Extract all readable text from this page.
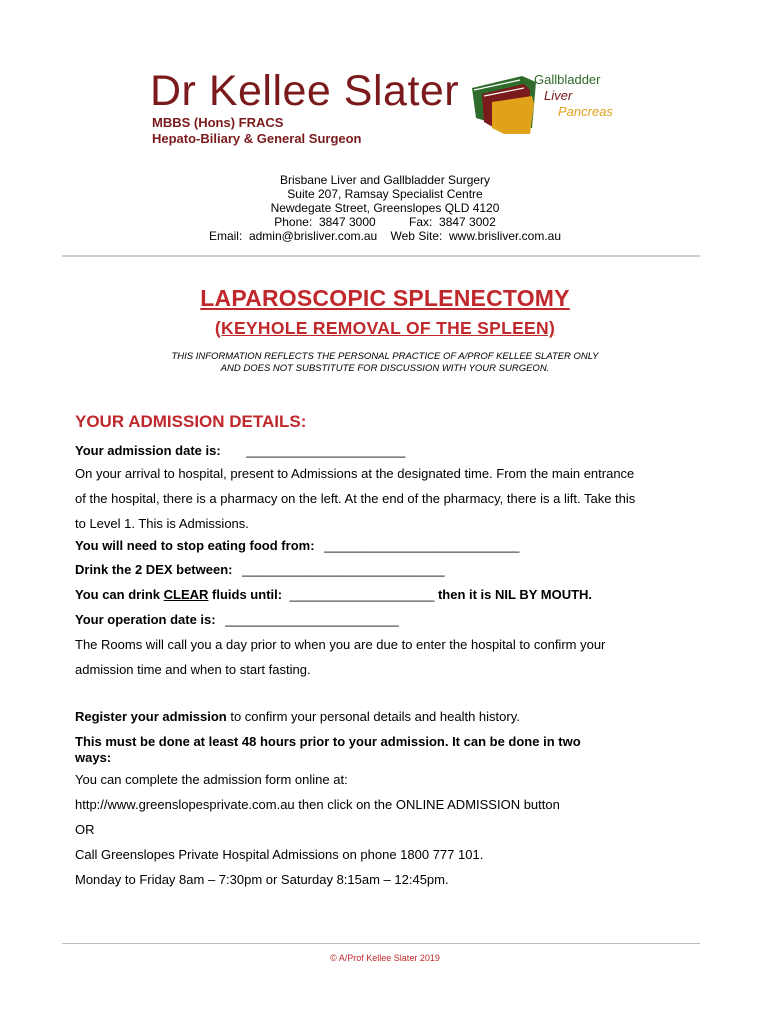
Dr Kellee Slater
MBBS (Hons) FRACS
Hepato-Biliary & General Surgeon
Gallbladder
Liver
Pancreas
Brisbane Liver and Gallbladder Surgery
Suite 207, Ramsay Specialist Centre
Newdegate Street, Greenslopes QLD 4120
Phone:  3847 3000          Fax:  3847 3002
Email:  admin@brisliver.com.au    Web Site:  www.brisliver.com.au
LAPAROSCOPIC SPLENECTOMY
(KEYHOLE REMOVAL OF THE SPLEEN)
THIS INFORMATION REFLECTS THE PERSONAL PRACTICE OF A/PROF KELLEE SLATER ONLY
AND DOES NOT SUBSTITUTE FOR DISCUSSION WITH YOUR SURGEON.
YOUR ADMISSION DETAILS:
Your admission date is: ______________________
On your arrival to hospital, present to Admissions at the designated time. From the main entrance
of the hospital, there is a pharmacy on the left. At the end of the pharmacy, there is a lift. Take this
to Level 1. This is Admissions.
You will need to stop eating food from: ___________________________
Drink the 2 DEX between: ____________________________
You can drink CLEAR fluids until: ____________________ then it is NIL BY MOUTH.
Your operation date is: ________________________
The Rooms will call you a day prior to when you are due to enter the hospital to confirm your
admission time and when to start fasting.
Register your admission to confirm your personal details and health history.
This must be done at least 48 hours prior to your admission. It can be done in two
ways:
You can complete the admission form online at:
http://www.greenslopesprivate.com.au then click on the ONLINE ADMISSION button
OR
Call Greenslopes Private Hospital Admissions on phone 1800 777 101.
Monday to Friday 8am – 7:30pm or Saturday 8:15am – 12:45pm.
© A/Prof Kellee Slater 2019
